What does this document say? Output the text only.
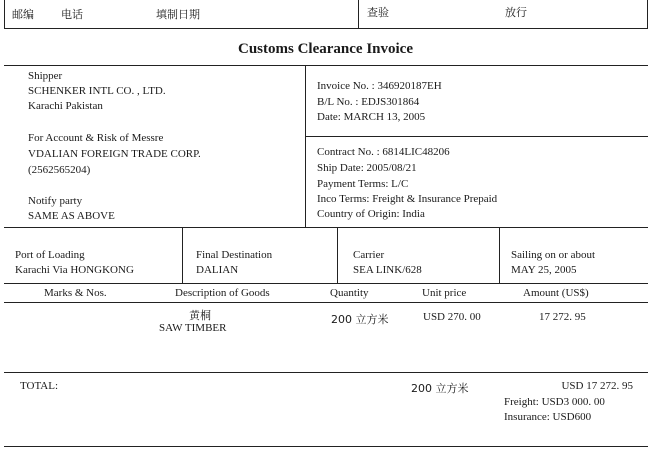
邮编 电话	填制日期	查验	放行
Customs Clearance Invoice
Shipper
SCHENKER INTL CO. , LTD.
Karachi Pakistan
For Account & Risk of Messre
VDALIAN FOREIGN TRADE CORP.
(2562565204)
Notify party
SAME AS ABOVE
Invoice No. : 346920187EH
B/L No. : EDJS301864
Date: MARCH 13, 2005
Contract No. : 6814LIC48206
Ship Date: 2005/08/21
Payment Terms: L/C
Inco Terms: Freight & Insurance Prepaid
Country of Origin: India
Port of Loading
Karachi Via HONGKONG
Final Destination
DALIAN
Carrier
SEA LINK/628
Sailing on or about
MAY 25, 2005
Marks & Nos.	Description of Goods	Quantity	Unit price	Amount (US$)
黄桐
SAW TIMBER
200 立方米	USD 270. 00	17 272. 95
TOTAL:	200 立方米	USD 17 272. 95
Freight: USD3 000. 00
Insurance: USD600
